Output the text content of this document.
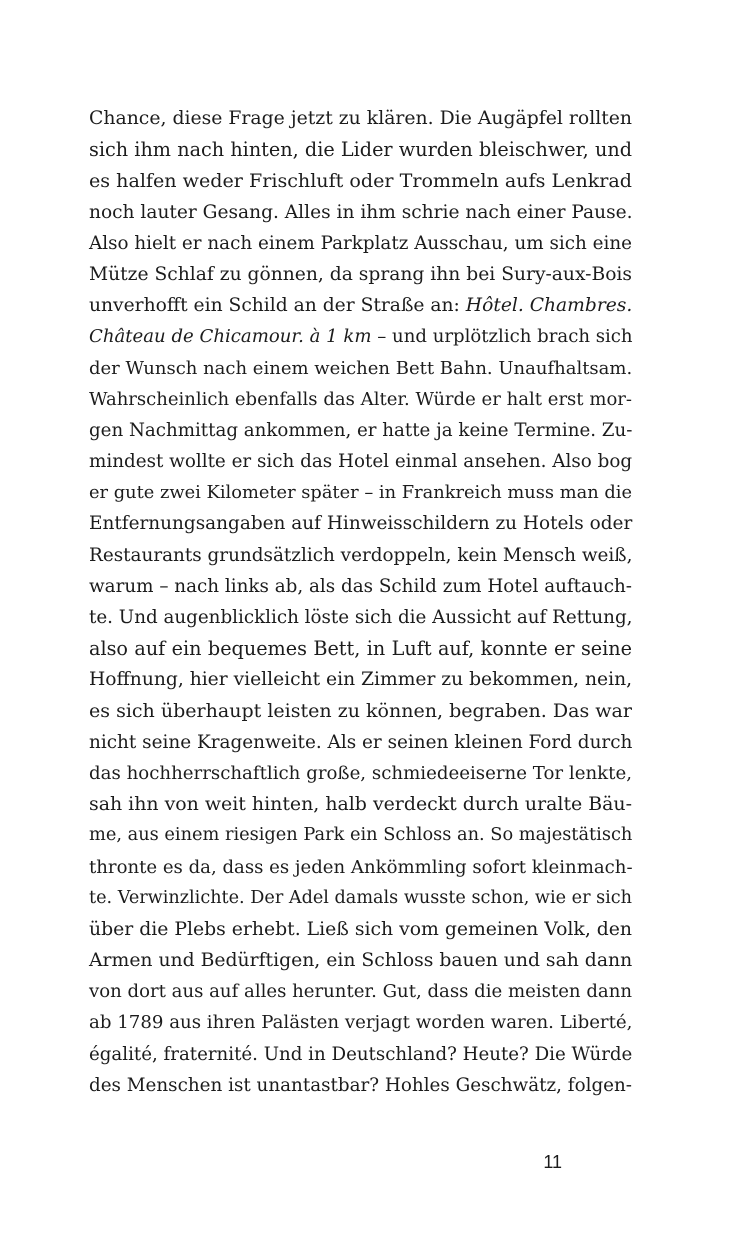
Chance, diese Frage jetzt zu klären. Die Augäpfel rollten
sich ihm nach hinten, die Lider wurden bleischwer, und
es halfen weder Frischluft oder Trommeln aufs Lenkrad
noch lauter Gesang. Alles in ihm schrie nach einer Pause.
Also hielt er nach einem Parkplatz Ausschau, um sich eine
Mütze Schlaf zu gönnen, da sprang ihn bei Sury-aux-Bois
unverhofft ein Schild an der Straße an: Hôtel. Chambres.
Château de Chicamour. à 1 km – und urplötzlich brach sich
der Wunsch nach einem weichen Bett Bahn. Unaufhaltsam.
Wahrscheinlich ebenfalls das Alter. Würde er halt erst mor-
gen Nachmittag ankommen, er hatte ja keine Termine. Zu-
mindest wollte er sich das Hotel einmal ansehen. Also bog
er gute zwei Kilometer später – in Frankreich muss man die
Entfernungsangaben auf Hinweisschildern zu Hotels oder
Restaurants grundsätzlich verdoppeln, kein Mensch weiß,
warum – nach links ab, als das Schild zum Hotel auftauch-
te. Und augenblicklich löste sich die Aussicht auf Rettung,
also auf ein bequemes Bett, in Luft auf, konnte er seine
Hoffnung, hier vielleicht ein Zimmer zu bekommen, nein,
es sich überhaupt leisten zu können, begraben. Das war
nicht seine Kragenweite. Als er seinen kleinen Ford durch
das hochherrschaftlich große, schmiedeeiserne Tor lenkte,
sah ihn von weit hinten, halb verdeckt durch uralte Bäu-
me, aus einem riesigen Park ein Schloss an. So majestätisch
thronte es da, dass es jeden Ankömmling sofort kleinmach-
te. Verwinzlichte. Der Adel damals wusste schon, wie er sich
über die Plebs erhebt. Ließ sich vom gemeinen Volk, den
Armen und Bedürftigen, ein Schloss bauen und sah dann
von dort aus auf alles herunter. Gut, dass die meisten dann
ab 1789 aus ihren Palästen verjagt worden waren. Liberté,
égalité, fraternité. Und in Deutschland? Heute? Die Würde
des Menschen ist unantastbar? Hohles Geschwätz, folgen-
11
